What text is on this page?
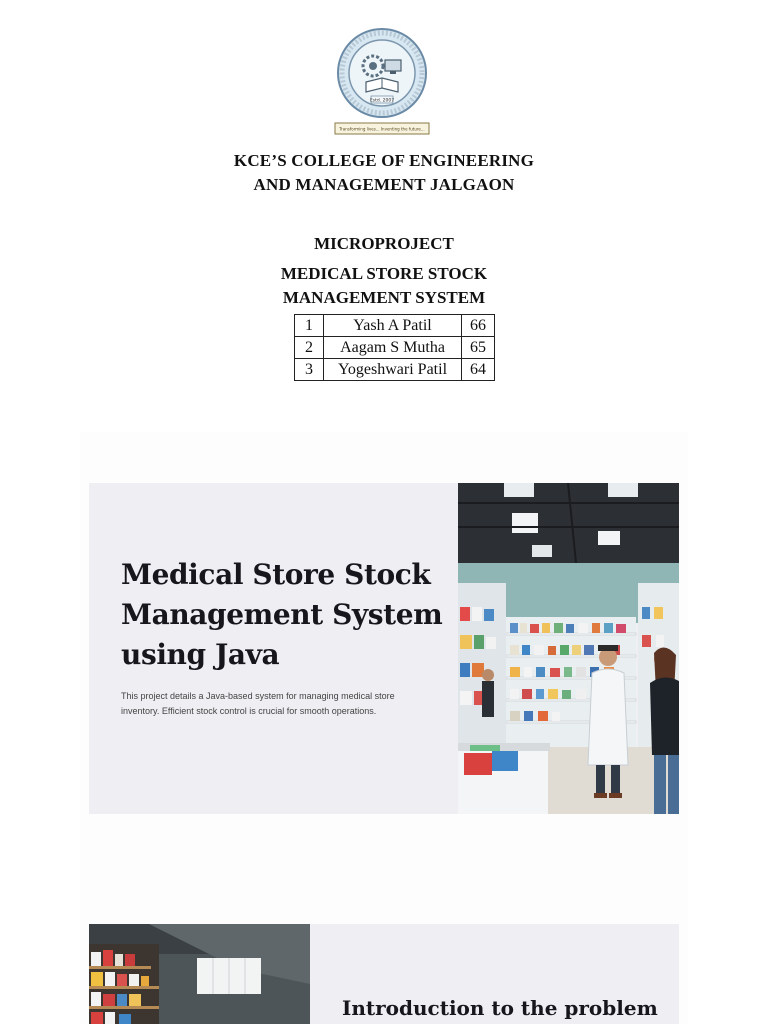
Estd. 2007
Transforming lives... Inventing the future...
KCE’S COLLEGE OF ENGINEERING
AND MANAGEMENT JALGAON
MICROPROJECT
MEDICAL STORE STOCK
MANAGEMENT SYSTEM
1	Yash A Patil	66
2	Aagam S Mutha	65
3	Yogeshwari Patil	64
Medical Store Stock
Management System
using Java
This project details a Java-based system for managing medical store
inventory. Efficient stock control is crucial for smooth operations.
Introduction to the problem
